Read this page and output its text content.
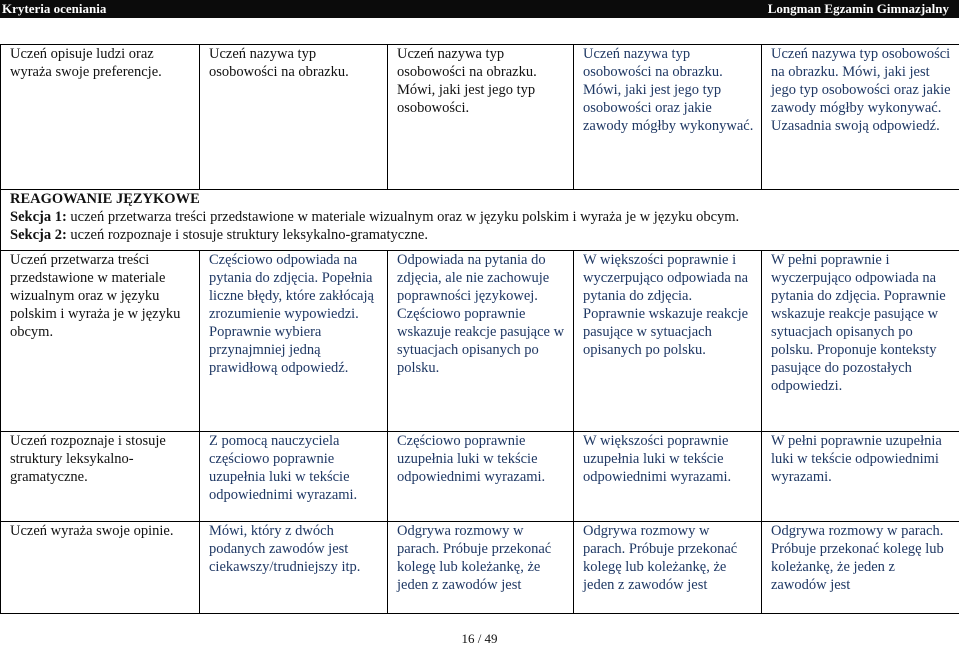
Kryteria oceniania	Longman Egzamin Gimnazjalny
Uczeń opisuje ludzi oraz wyraża swoje preferencje.	Uczeń nazywa typ osobowości na obrazku.	Uczeń nazywa typ osobowości na obrazku. Mówi, jaki jest jego typ osobowości.	Uczeń nazywa typ osobowości na obrazku. Mówi, jaki jest jego typ osobowości oraz jakie zawody mógłby wykonywać.	Uczeń nazywa typ osobowości na obrazku. Mówi, jaki jest jego typ osobowości oraz jakie zawody mógłby wykonywać. Uzasadnia swoją odpowiedź.

REAGOWANIE JĘZYKOWE
Sekcja 1: uczeń przetwarza treści przedstawione w materiale wizualnym oraz w języku polskim i wyraża je w języku obcym.
Sekcja 2: uczeń rozpoznaje i stosuje struktury leksykalno-gramatyczne.				

Uczeń przetwarza treści przedstawione w materiale wizualnym oraz w języku polskim i wyraża je w języku obcym.	Częściowo odpowiada na pytania do zdjęcia. Popełnia liczne błędy, które zakłócają zrozumienie wypowiedzi. Poprawnie wybiera przynajmniej jedną prawidłową odpowiedź.	Odpowiada na pytania do zdjęcia, ale nie zachowuje poprawności językowej. Częściowo poprawnie wskazuje reakcje pasujące w sytuacjach opisanych po polsku.	W większości poprawnie i wyczerpująco odpowiada na pytania do zdjęcia. Poprawnie wskazuje reakcje pasujące w sytuacjach opisanych po polsku.	W pełni poprawnie i wyczerpująco odpowiada na pytania do zdjęcia. Poprawnie wskazuje reakcje pasujące w sytuacjach opisanych po polsku. Proponuje konteksty pasujące do pozostałych odpowiedzi.

Uczeń rozpoznaje i stosuje struktury leksykalno-gramatyczne.	Z pomocą nauczyciela częściowo poprawnie uzupełnia luki w tekście odpowiednimi wyrazami.	Częściowo poprawnie uzupełnia luki w tekście odpowiednimi wyrazami.	W większości poprawnie uzupełnia luki w tekście odpowiednimi wyrazami.	W pełni poprawnie uzupełnia luki w tekście odpowiednimi wyrazami.

Uczeń wyraża swoje opinie.	Mówi, który z dwóch podanych zawodów jest ciekawszy/trudniejszy itp.	Odgrywa rozmowy w parach. Próbuje przekonać kolegę lub koleżankę, że jeden z zawodów jest	Odgrywa rozmowy w parach. Próbuje przekonać kolegę lub koleżankę, że jeden z zawodów jest	Odgrywa rozmowy w parach. Próbuje przekonać kolegę lub koleżankę, że jeden z zawodów jest
16 / 49
